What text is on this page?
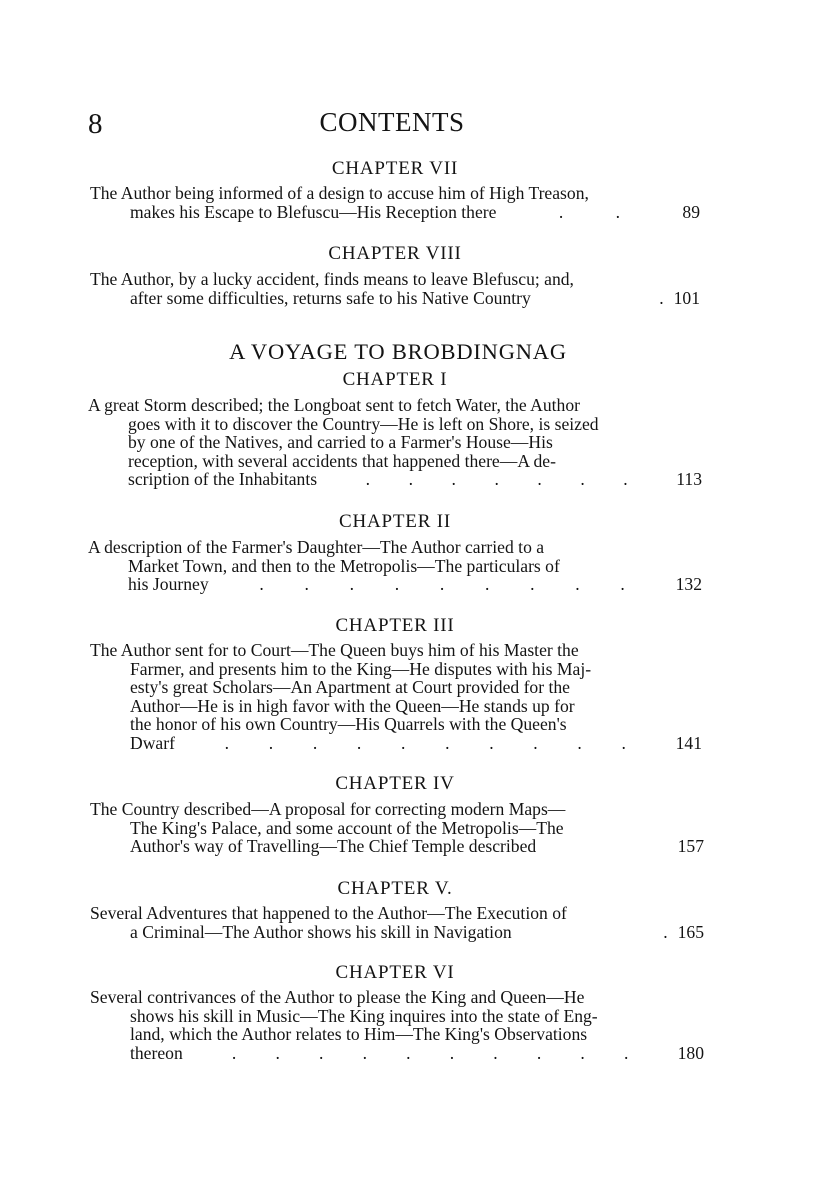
8	CONTENTS
CHAPTER VII
The Author being informed of a design to accuse him of High Treason,
makes his Escape to Blefuscu—His Reception there	.	.	89
CHAPTER VIII
The Author, by a lucky accident, finds means to leave Blefuscu; and,
after some difficulties, returns safe to his Native Country	. 101
A VOYAGE TO BROBDINGNAG
CHAPTER I
A great Storm described; the Longboat sent to fetch Water, the Author
goes with it to discover the Country—He is left on Shore, is seized
by one of the Natives, and carried to a Farmer's House—His
reception, with several accidents that happened there—A de-
scription of the Inhabitants	. . . . . . .	113
CHAPTER II
A description of the Farmer's Daughter—The Author carried to a
Market Town, and then to the Metropolis—The particulars of
his Journey	. . . . . . . . .	132
CHAPTER III
The Author sent for to Court—The Queen buys him of his Master the
Farmer, and presents him to the King—He disputes with his Maj-
esty's great Scholars—An Apartment at Court provided for the
Author—He is in high favor with the Queen—He stands up for
the honor of his own Country—His Quarrels with the Queen's
Dwarf	. . . . . . . . . .	141
CHAPTER IV
The Country described—A proposal for correcting modern Maps—
The King's Palace, and some account of the Metropolis—The
Author's way of Travelling—The Chief Temple described	157
CHAPTER V.
Several Adventures that happened to the Author—The Execution of
a Criminal—The Author shows his skill in Navigation	. 165
CHAPTER VI
Several contrivances of the Author to please the King and Queen—He
shows his skill in Music—The King inquires into the state of Eng-
land, which the Author relates to Him—The King's Observations
thereon	. . . . . . . . . .	180
